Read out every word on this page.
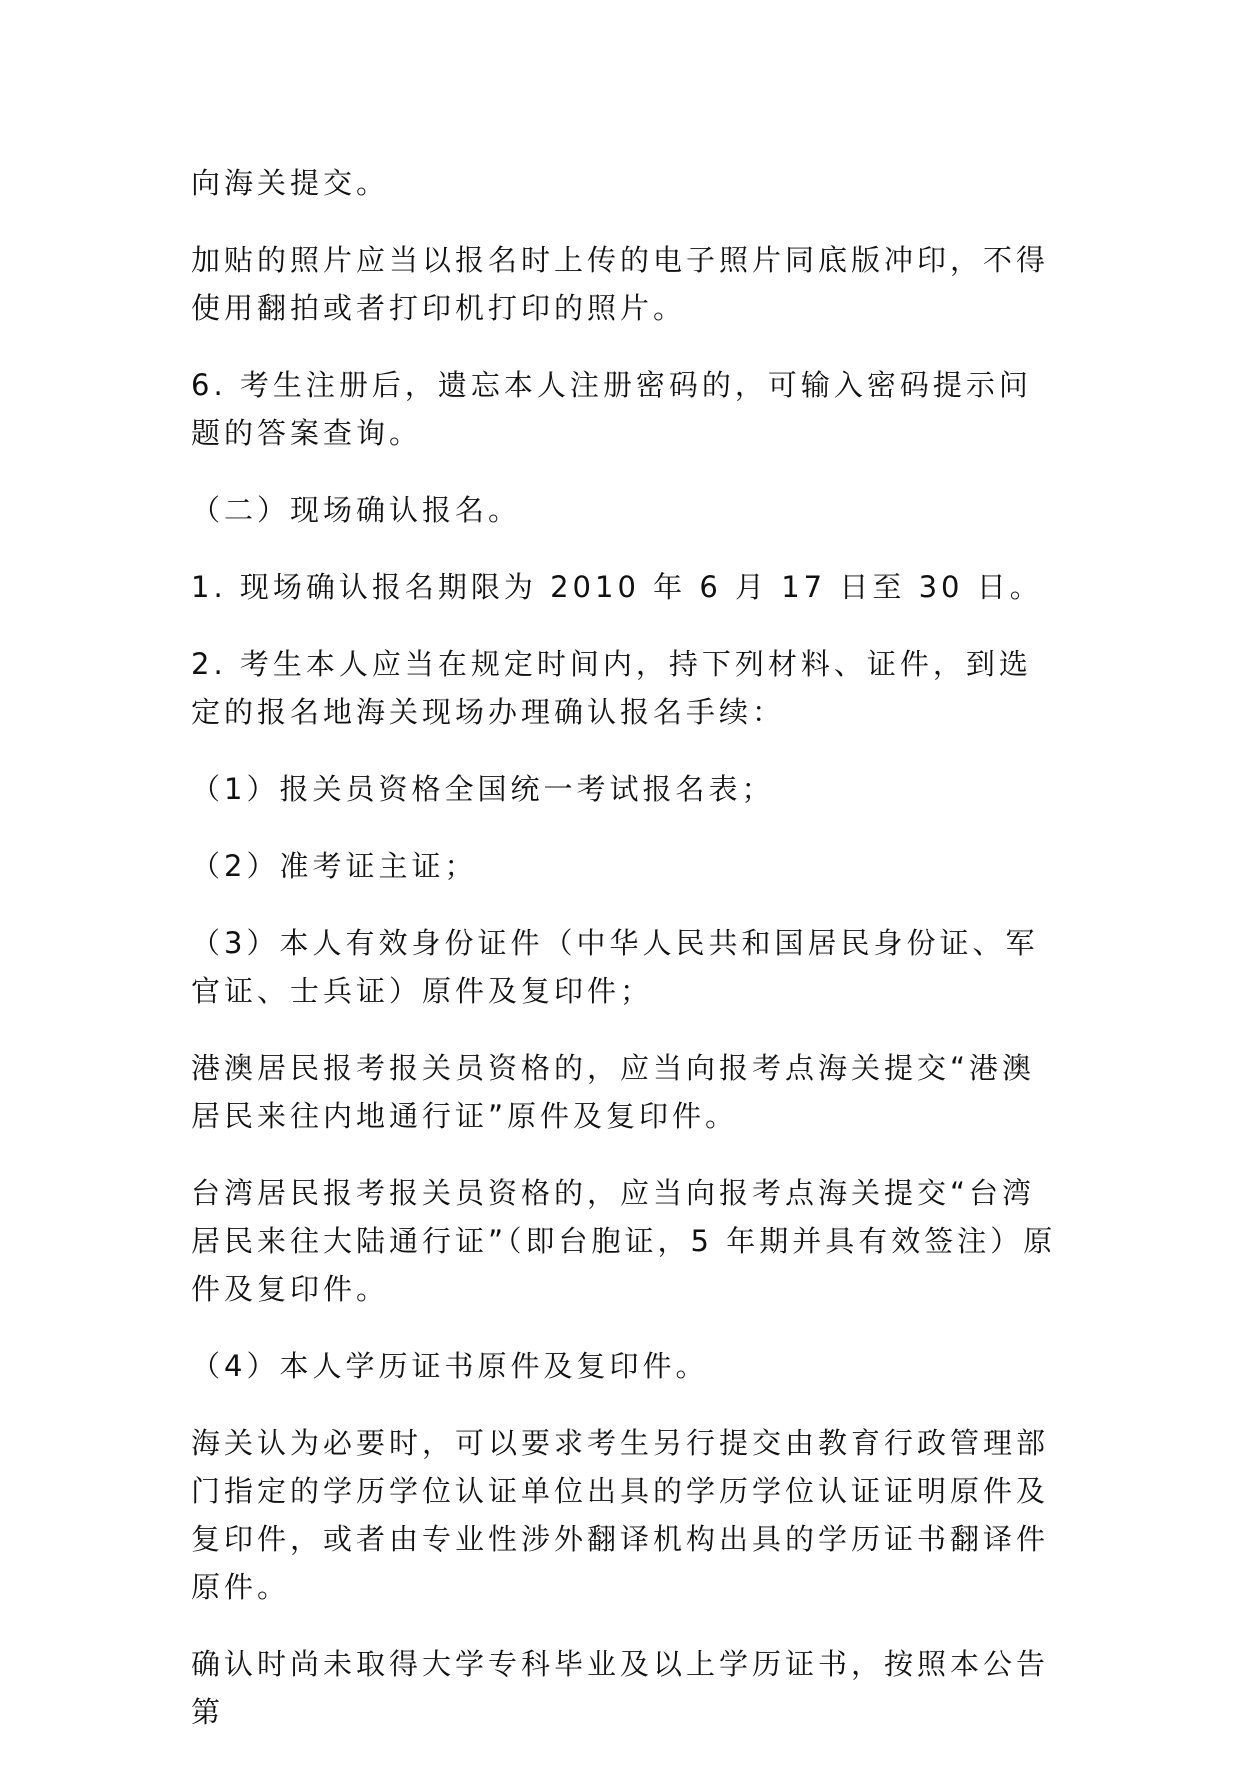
向海关提交。

加贴的照片应当以报名时上传的电子照片同底版冲印，不得使用翻拍或者打印机打印的照片。

6. 考生注册后，遗忘本人注册密码的，可输入密码提示问题的答案查询。

（二）现场确认报名。

1. 现场确认报名期限为 2010 年 6 月 17 日至 30 日。

2. 考生本人应当在规定时间内，持下列材料、证件，到选定的报名地海关现场办理确认报名手续：

（1）报关员资格全国统一考试报名表；

（2）准考证主证；

（3）本人有效身份证件（中华人民共和国居民身份证、军官证、士兵证）原件及复印件；

港澳居民报考报关员资格的，应当向报考点海关提交“港澳居民来往内地通行证”原件及复印件。

台湾居民报考报关员资格的，应当向报考点海关提交“台湾居民来往大陆通行证”（即台胞证，5 年期并具有效签注）原件及复印件。

（4）本人学历证书原件及复印件。

海关认为必要时，可以要求考生另行提交由教育行政管理部门指定的学历学位认证单位出具的学历学位认证证明原件及复印件，或者由专业性涉外翻译机构出具的学历证书翻译件原件。

确认时尚未取得大学专科毕业及以上学历证书，按照本公告第
